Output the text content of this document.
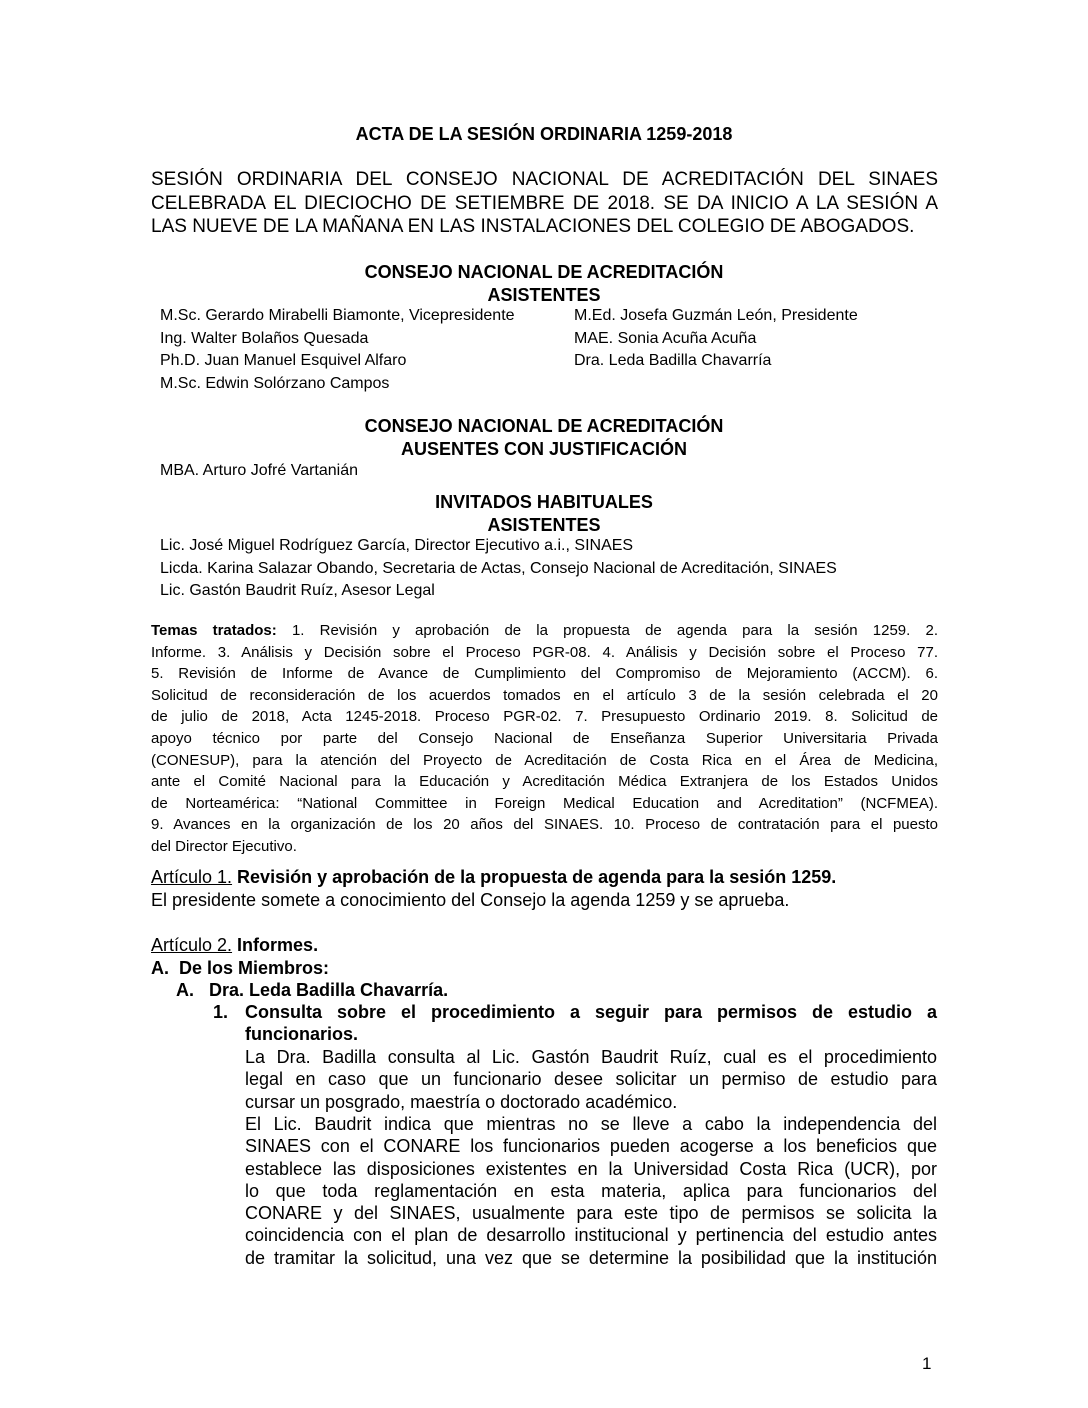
ACTA DE LA SESIÓN ORDINARIA 1259-2018
SESIÓN ORDINARIA DEL CONSEJO NACIONAL DE ACREDITACIÓN DEL SINAES
CELEBRADA EL DIECIOCHO DE SETIEMBRE DE 2018. SE DA INICIO A LA SESIÓN A
LAS NUEVE DE LA MAÑANA EN LAS INSTALACIONES DEL COLEGIO DE ABOGADOS.
CONSEJO NACIONAL DE ACREDITACIÓN
ASISTENTES
M.Sc. Gerardo Mirabelli Biamonte, Vicepresidente
Ing. Walter Bolaños Quesada
Ph.D. Juan Manuel Esquivel Alfaro
M.Sc. Edwin Solórzano Campos
M.Ed. Josefa Guzmán León, Presidente
MAE. Sonia Acuña Acuña
Dra. Leda Badilla Chavarría
CONSEJO NACIONAL DE ACREDITACIÓN
AUSENTES CON JUSTIFICACIÓN
MBA. Arturo Jofré Vartanián
INVITADOS HABITUALES
ASISTENTES
Lic. José Miguel Rodríguez García, Director Ejecutivo a.i., SINAES
Licda. Karina Salazar Obando, Secretaria de Actas, Consejo Nacional de Acreditación, SINAES
Lic. Gastón Baudrit Ruíz, Asesor Legal
Temas tratados: 1. Revisión y aprobación de la propuesta de agenda para la sesión 1259. 2.
Informe. 3. Análisis y Decisión sobre el Proceso PGR-08. 4. Análisis y Decisión sobre el Proceso 77.
5. Revisión de Informe de Avance de Cumplimiento del Compromiso de Mejoramiento (ACCM). 6.
Solicitud de reconsideración de los acuerdos tomados en el artículo 3 de la sesión celebrada el 20
de julio de 2018, Acta 1245-2018. Proceso PGR-02. 7. Presupuesto Ordinario 2019. 8. Solicitud de
apoyo técnico por parte del Consejo Nacional de Enseñanza Superior Universitaria Privada
(CONESUP), para la atención del Proyecto de Acreditación de Costa Rica en el Área de Medicina,
ante el Comité Nacional para la Educación y Acreditación Médica Extranjera de los Estados Unidos
de Norteamérica: “National Committee in Foreign Medical Education and Acreditation” (NCFMEA).
9. Avances en la organización de los 20 años del SINAES. 10. Proceso de contratación para el puesto
del Director Ejecutivo.
Artículo 1. Revisión y aprobación de la propuesta de agenda para la sesión 1259.
El presidente somete a conocimiento del Consejo la agenda 1259 y se aprueba.
Artículo 2. Informes.
A.  De los Miembros:
A.   Dra. Leda Badilla Chavarría.
1. Consulta sobre el procedimiento a seguir para permisos de estudio a
funcionarios.
La Dra. Badilla consulta al Lic. Gastón Baudrit Ruíz, cual es el procedimiento
legal en caso que un funcionario desee solicitar un permiso de estudio para
cursar un posgrado, maestría o doctorado académico.
El Lic. Baudrit indica que mientras no se lleve a cabo la independencia del
SINAES con el CONARE los funcionarios pueden acogerse a los beneficios que
establece las disposiciones existentes en la Universidad Costa Rica (UCR), por
lo que toda reglamentación en esta materia, aplica para funcionarios del
CONARE y del SINAES, usualmente para este tipo de permisos se solicita la
coincidencia con el plan de desarrollo institucional y pertinencia del estudio antes
de tramitar la solicitud, una vez que se determine la posibilidad que la institución
1
